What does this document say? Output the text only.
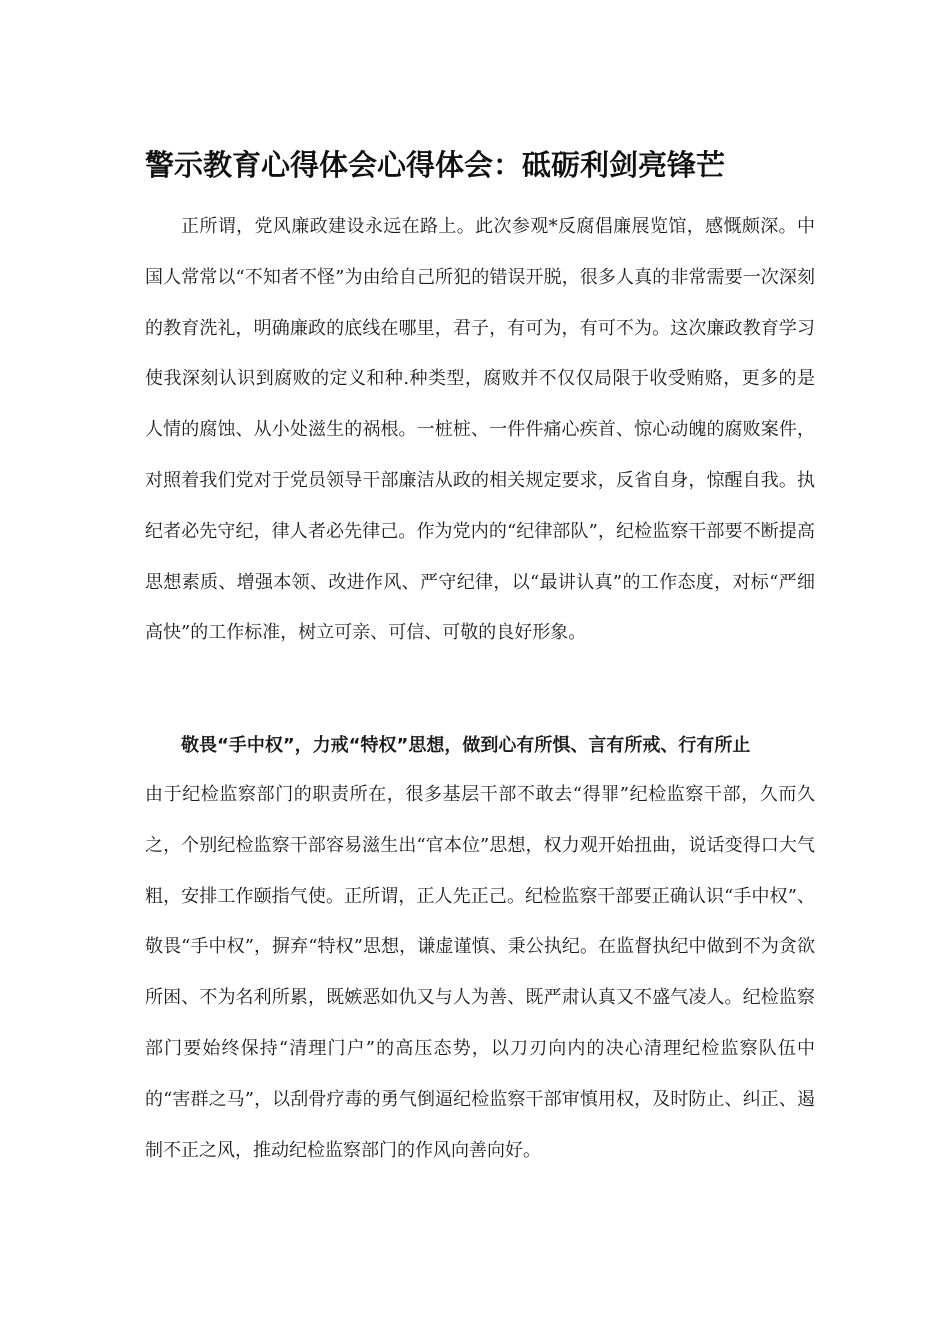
警示教育心得体会心得体会：砥砺利剑亮锋芒

正所谓，党风廉政建设永远在路上。此次参观*反腐倡廉展览馆，感慨颇深。中国人常常以“不知者不怪”为由给自己所犯的错误开脱，很多人真的非常需要一次深刻的教育洗礼，明确廉政的底线在哪里，君子，有可为，有可不为。这次廉政教育学习使我深刻认识到腐败的定义和种.种类型，腐败并不仅仅局限于收受贿赂，更多的是人情的腐蚀、从小处滋生的祸根。一桩桩、一件件痛心疾首、惊心动魄的腐败案件，对照着我们党对于党员领导干部廉洁从政的相关规定要求，反省自身，惊醒自我。执纪者必先守纪，律人者必先律己。作为党内的“纪律部队”，纪检监察干部要不断提高思想素质、增强本领、改进作风、严守纪律，以“最讲认真”的工作态度，对标“严细高快”的工作标准，树立可亲、可信、可敬的良好形象。

敬畏“手中权”，力戒“特权”思想，做到心有所惧、言有所戒、行有所止

由于纪检监察部门的职责所在，很多基层干部不敢去“得罪”纪检监察干部，久而久之，个别纪检监察干部容易滋生出“官本位”思想，权力观开始扭曲，说话变得口大气粗，安排工作颐指气使。正所谓，正人先正己。纪检监察干部要正确认识“手中权”、敬畏“手中权”，摒弃“特权”思想，谦虚谨慎、秉公执纪。在监督执纪中做到不为贪欲所困、不为名利所累，既嫉恶如仇又与人为善、既严肃认真又不盛气凌人。纪检监察部门要始终保持“清理门户”的高压态势，以刀刃向内的决心清理纪检监察队伍中的“害群之马”，以刮骨疗毒的勇气倒逼纪检监察干部审慎用权，及时防止、纠正、遏制不正之风，推动纪检监察部门的作风向善向好。
